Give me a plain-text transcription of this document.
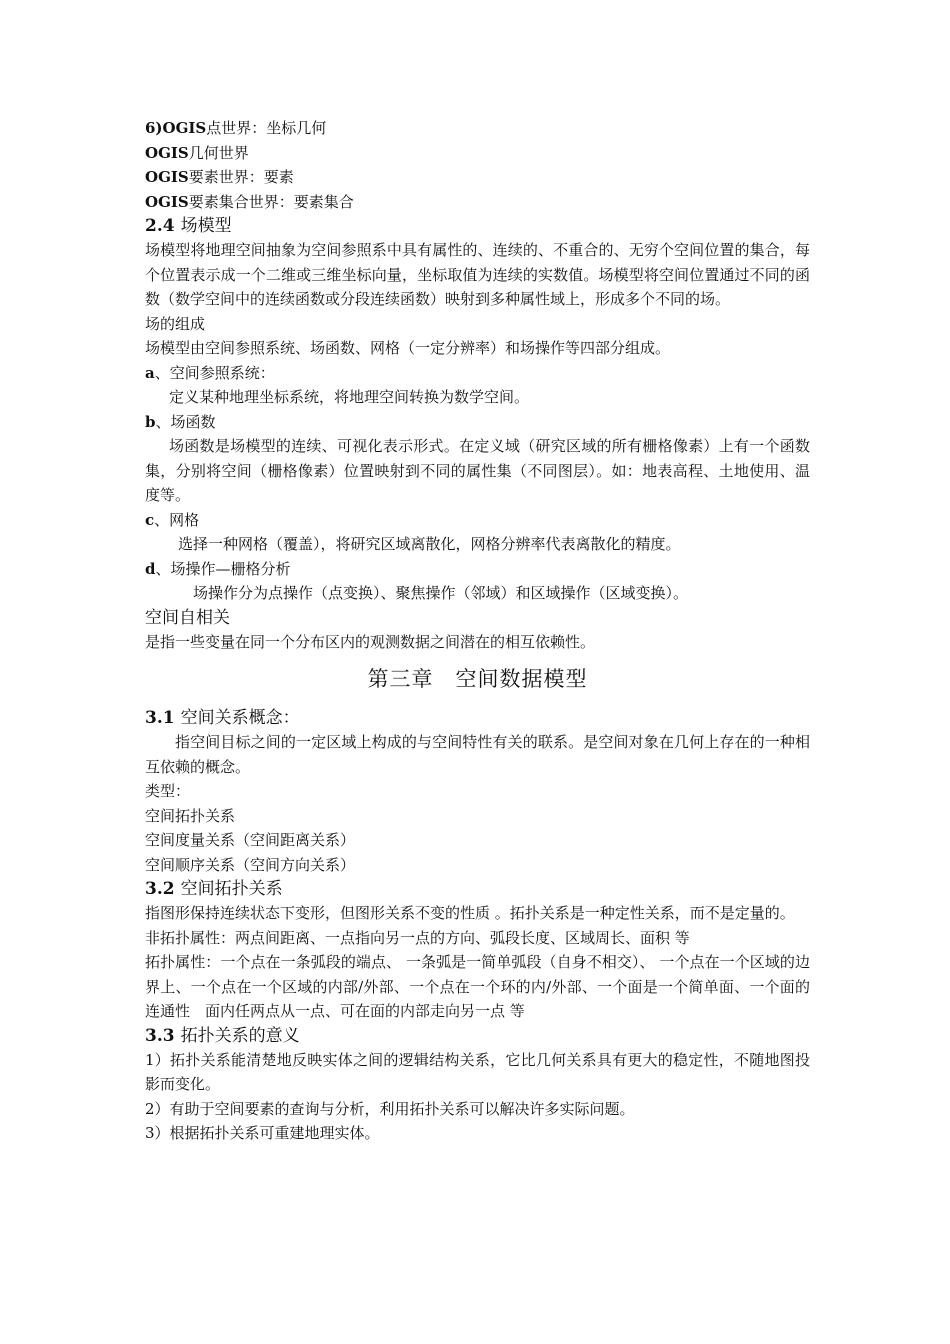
6)OGIS点世界：坐标几何

OGIS几何世界

OGIS要素世界：要素

OGIS要素集合世界：要素集合

2.4 场模型

场模型将地理空间抽象为空间参照系中具有属性的、连续的、不重合的、无穷个空间位置的集合，每个位置表示成一个二维或三维坐标向量，坐标取值为连续的实数值。场模型将空间位置通过不同的函数（数学空间中的连续函数或分段连续函数）映射到多种属性域上，形成多个不同的场。

场的组成

场模型由空间参照系统、场函数、网格（一定分辨率）和场操作等四部分组成。

a、空间参照系统：

定义某种地理坐标系统，将地理空间转换为数学空间。

b、场函数

场函数是场模型的连续、可视化表示形式。在定义域（研究区域的所有栅格像素）上有一个函数集，分别将空间（栅格像素）位置映射到不同的属性集（不同图层）。如：地表高程、土地使用、温度等。

c、网格

选择一种网格（覆盖），将研究区域离散化，网格分辨率代表离散化的精度。

d、场操作—栅格分析

场操作分为点操作（点变换）、聚焦操作（邻域）和区域操作（区域变换）。

空间自相关

是指一些变量在同一个分布区内的观测数据之间潜在的相互依赖性。

第三章　空间数据模型

3.1 空间关系概念：

指空间目标之间的一定区域上构成的与空间特性有关的联系。是空间对象在几何上存在的一种相互依赖的概念。

类型：

空间拓扑关系

空间度量关系（空间距离关系）

空间顺序关系（空间方向关系）

3.2 空间拓扑关系

指图形保持连续状态下变形，但图形关系不变的性质 。拓扑关系是一种定性关系，而不是定量的。

非拓扑属性：两点间距离、一点指向另一点的方向、弧段长度、区域周长、面积 等

拓扑属性：一个点在一条弧段的端点、 一条弧是一简单弧段（自身不相交）、 一个点在一个区域的边界上、一个点在一个区域的内部/外部、一个点在一个环的内/外部、一个面是一个简单面、一个面的连通性　面内任两点从一点、可在面的内部走向另一点 等

3.3 拓扑关系的意义

1）拓扑关系能清楚地反映实体之间的逻辑结构关系，它比几何关系具有更大的稳定性，不随地图投影而变化。

2）有助于空间要素的查询与分析，利用拓扑关系可以解决许多实际问题。

3）根据拓扑关系可重建地理实体。
